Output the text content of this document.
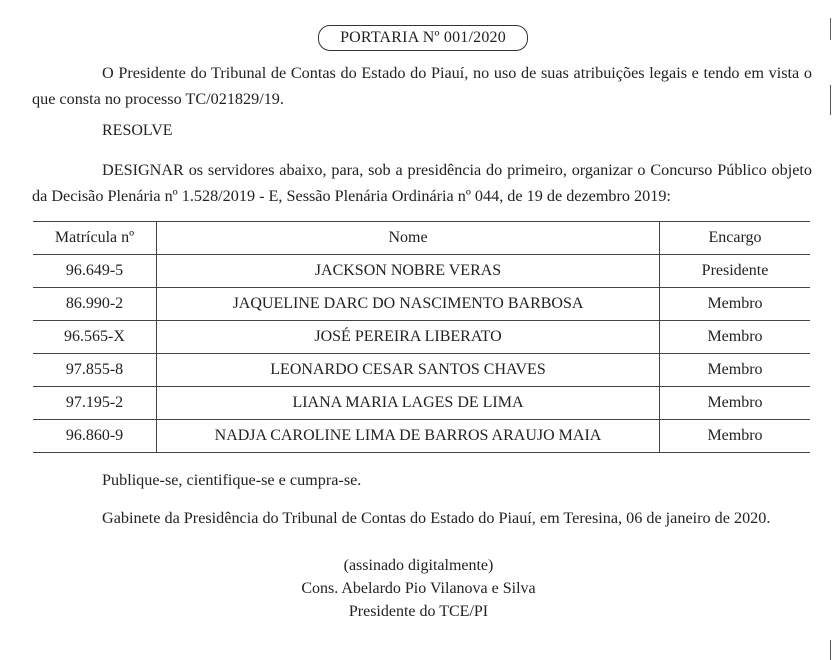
PORTARIA Nº 001/2020
O Presidente do Tribunal de Contas do Estado do Piauí, no uso de suas atribuições legais e tendo em vista o que consta no processo TC/021829/19.
RESOLVE
DESIGNAR os servidores abaixo, para, sob a presidência do primeiro, organizar o Concurso Público objeto da Decisão Plenária nº 1.528/2019 - E, Sessão Plenária Ordinária nº 044, de 19 de dezembro 2019:
Matrícula nº	Nome	Encargo
96.649-5	JACKSON NOBRE VERAS	Presidente
86.990-2	JAQUELINE DARC DO NASCIMENTO BARBOSA	Membro
96.565-X	JOSÉ PEREIRA LIBERATO	Membro
97.855-8	LEONARDO CESAR SANTOS CHAVES	Membro
97.195-2	LIANA MARIA LAGES DE LIMA	Membro
96.860-9	NADJA CAROLINE LIMA DE BARROS ARAUJO MAIA	Membro
Publique-se, cientifique-se e cumpra-se.
Gabinete da Presidência do Tribunal de Contas do Estado do Piauí, em Teresina, 06 de janeiro de 2020.
(assinado digitalmente)
Cons. Abelardo Pio Vilanova e Silva
Presidente do TCE/PI
